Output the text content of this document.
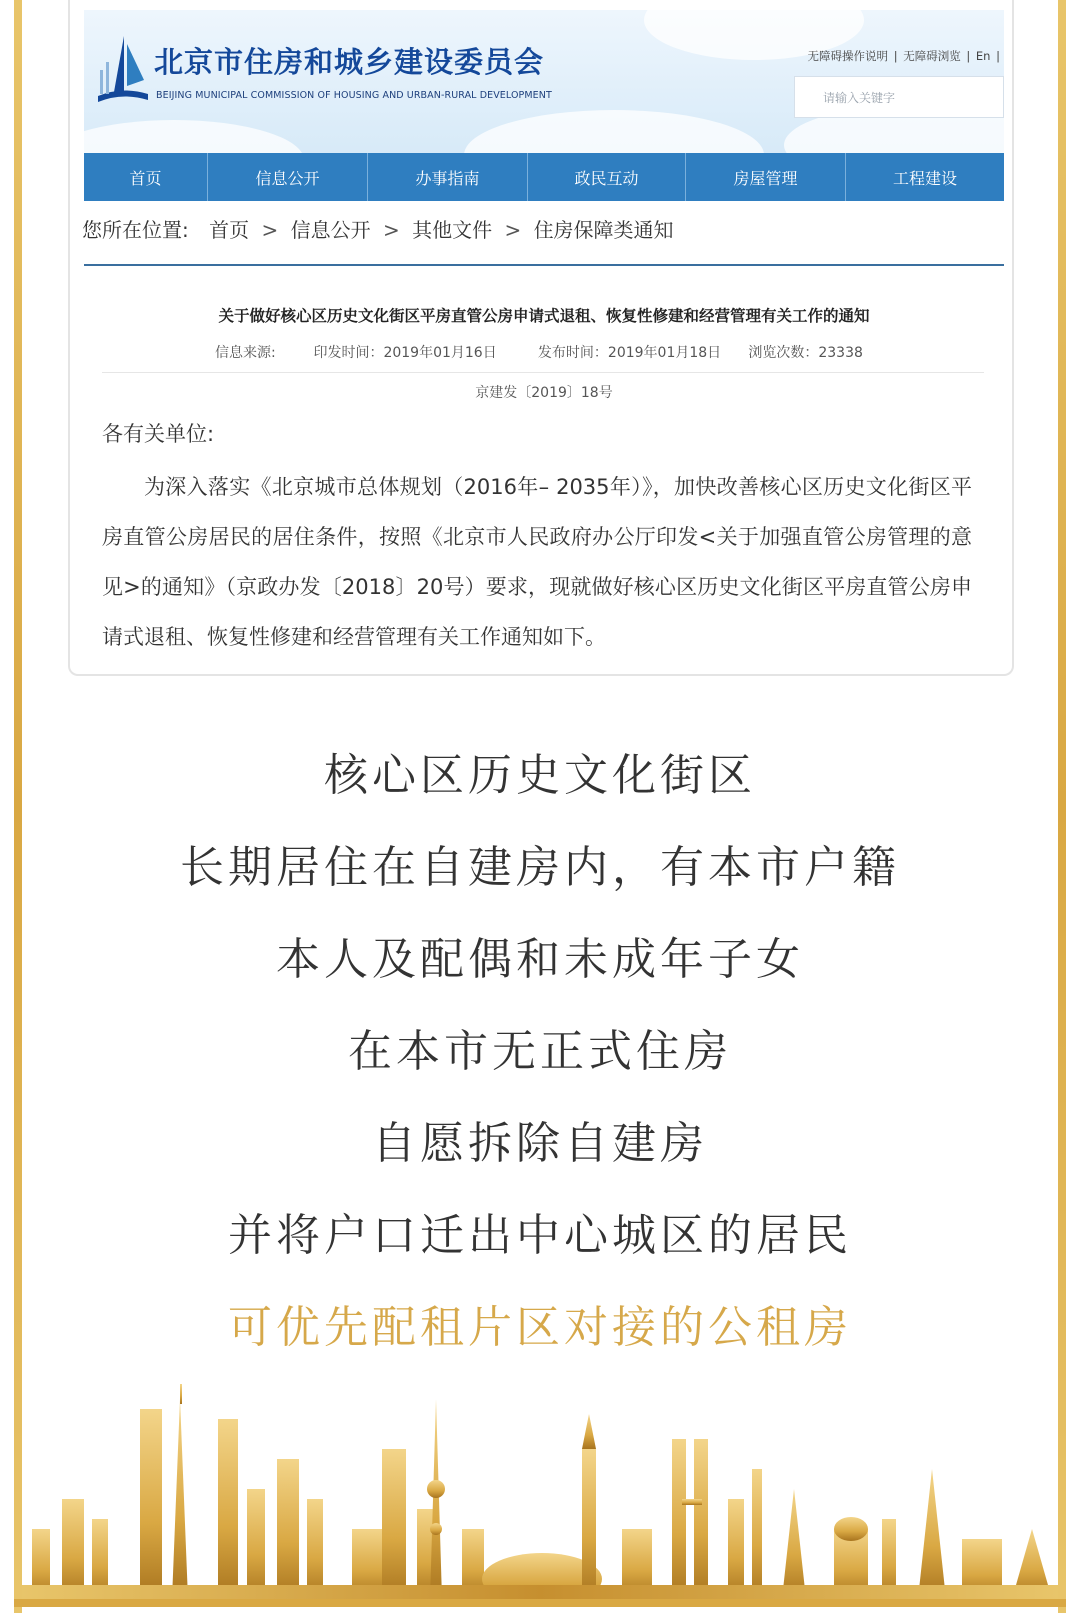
北京市住房和城乡建设委员会
BEIJING MUNICIPAL COMMISSION OF HOUSING AND URBAN-RURAL DEVELOPMENT
无障碍操作说明 | 无障碍浏览 | En |
请输入关键字
首页	信息公开	办事指南	政民互动	房屋管理	工程建设
您所在位置: 首页 > 信息公开 > 其他文件 > 住房保障类通知
关于做好核心区历史文化街区平房直管公房申请式退租、恢复性修建和经营管理有关工作的通知
信息来源:	印发时间：2019年01月16日	发布时间：2019年01月18日 浏览次数：23338
京建发〔2019〕18号
各有关单位:
为深入落实《北京城市总体规划（2016年– 2035年）》，加快改善核心区历史文化街区平房直管公房居民的居住条件，按照《北京市人民政府办公厅印发<关于加强直管公房管理的意见>的通知》（京政办发〔2018〕20号）要求，现就做好核心区历史文化街区平房直管公房申请式退租、恢复性修建和经营管理有关工作通知如下。
核心区历史文化街区
长期居住在自建房内，有本市户籍
本人及配偶和未成年子女
在本市无正式住房
自愿拆除自建房
并将户口迁出中心城区的居民
可优先配租片区对接的公租房
